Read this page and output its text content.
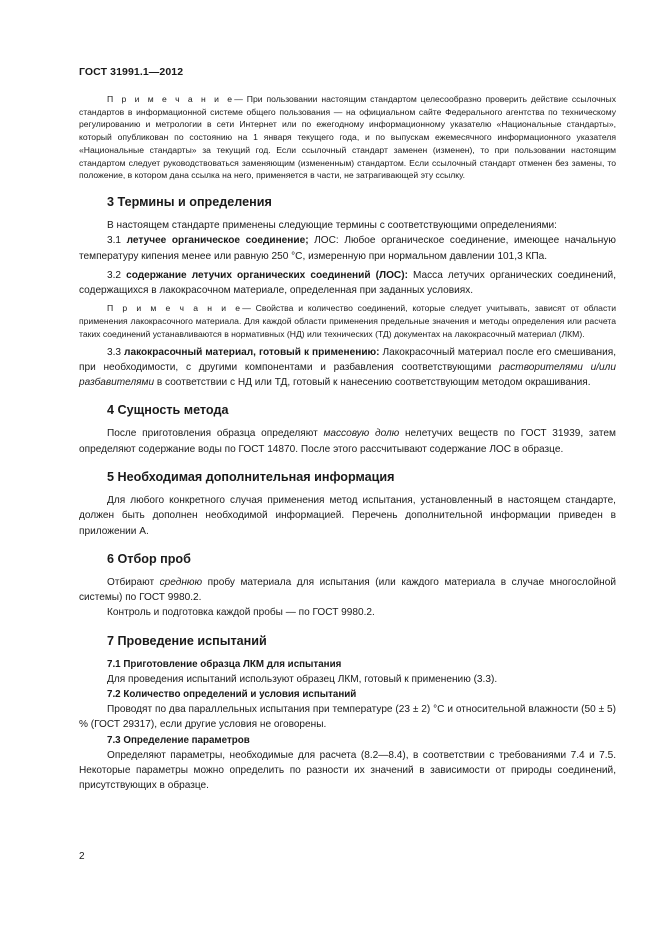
ГОСТ 31991.1—2012

П р и м е ч а н и е— При пользовании настоящим стандартом целесообразно проверить действие ссылочных стандартов в информационной системе общего пользования — на официальном сайте Федерального агентства по техническому регулированию и метрологии в сети Интернет или по ежегодному информационному указателю «Национальные стандарты», который опубликован по состоянию на 1 января текущего года, и по выпускам ежемесячного информационного указателя «Национальные стандарты» за текущий год. Если ссылочный стандарт заменен (изменен), то при пользовании настоящим стандартом следует руководствоваться заменяющим (измененным) стандартом. Если ссылочный стандарт отменен без замены, то положение, в котором дана ссылка на него, применяется в части, не затрагивающей эту ссылку.

3 Термины и определения

В настоящем стандарте применены следующие термины с соответствующими определениями:

3.1 летучее органическое соединение; ЛОС: Любое органическое соединение, имеющее начальную температуру кипения менее или равную 250 °С, измеренную при нормальном давлении 101,3 КПа.

3.2 содержание летучих органических соединений (ЛОС): Масса летучих органических соединений, содержащихся в лакокрасочном материале, определенная при заданных условиях.

П р и м е ч а н и е— Свойства и количество соединений, которые следует учитывать, зависят от области применения лакокрасочного материала. Для каждой области применения предельные значения и методы определения или расчета таких соединений устанавливаются в нормативных (НД) или технических (ТД) документах на лакокрасочный материал (ЛКМ).

3.3 лакокрасочный материал, готовый к применению: Лакокрасочный материал после его смешивания, при необходимости, с другими компонентами и разбавления соответствующими растворителями и/или разбавителями в соответствии с НД или ТД, готовый к нанесению соответствующим методом окрашивания.

4 Сущность метода

После приготовления образца определяют массовую долю нелетучих веществ по ГОСТ 31939, затем определяют содержание воды по ГОСТ 14870. После этого рассчитывают содержание ЛОС в образце.

5 Необходимая дополнительная информация

Для любого конкретного случая применения метод испытания, установленный в настоящем стандарте, должен быть дополнен необходимой информацией. Перечень дополнительной информации приведен в приложении А.

6 Отбор проб

Отбирают среднюю пробу материала для испытания (или каждого материала в случае многослойной системы) по ГОСТ 9980.2.

Контроль и подготовка каждой пробы — по ГОСТ 9980.2.

7 Проведение испытаний
7.1 Приготовление образца ЛКМ для испытания

Для проведения испытаний используют образец ЛКМ, готовый к применению (3.3).

7.2 Количество определений и условия испытаний

Проводят по два параллельных испытания при температуре (23 ± 2) °С и относительной влажности (50 ± 5) % (ГОСТ 29317), если другие условия не оговорены.

7.3 Определение параметров

Определяют параметры, необходимые для расчета (8.2—8.4), в соответствии с требованиями 7.4 и 7.5. Некоторые параметры можно определить по разности их значений в зависимости от природы соединений, присутствующих в образце.

2
